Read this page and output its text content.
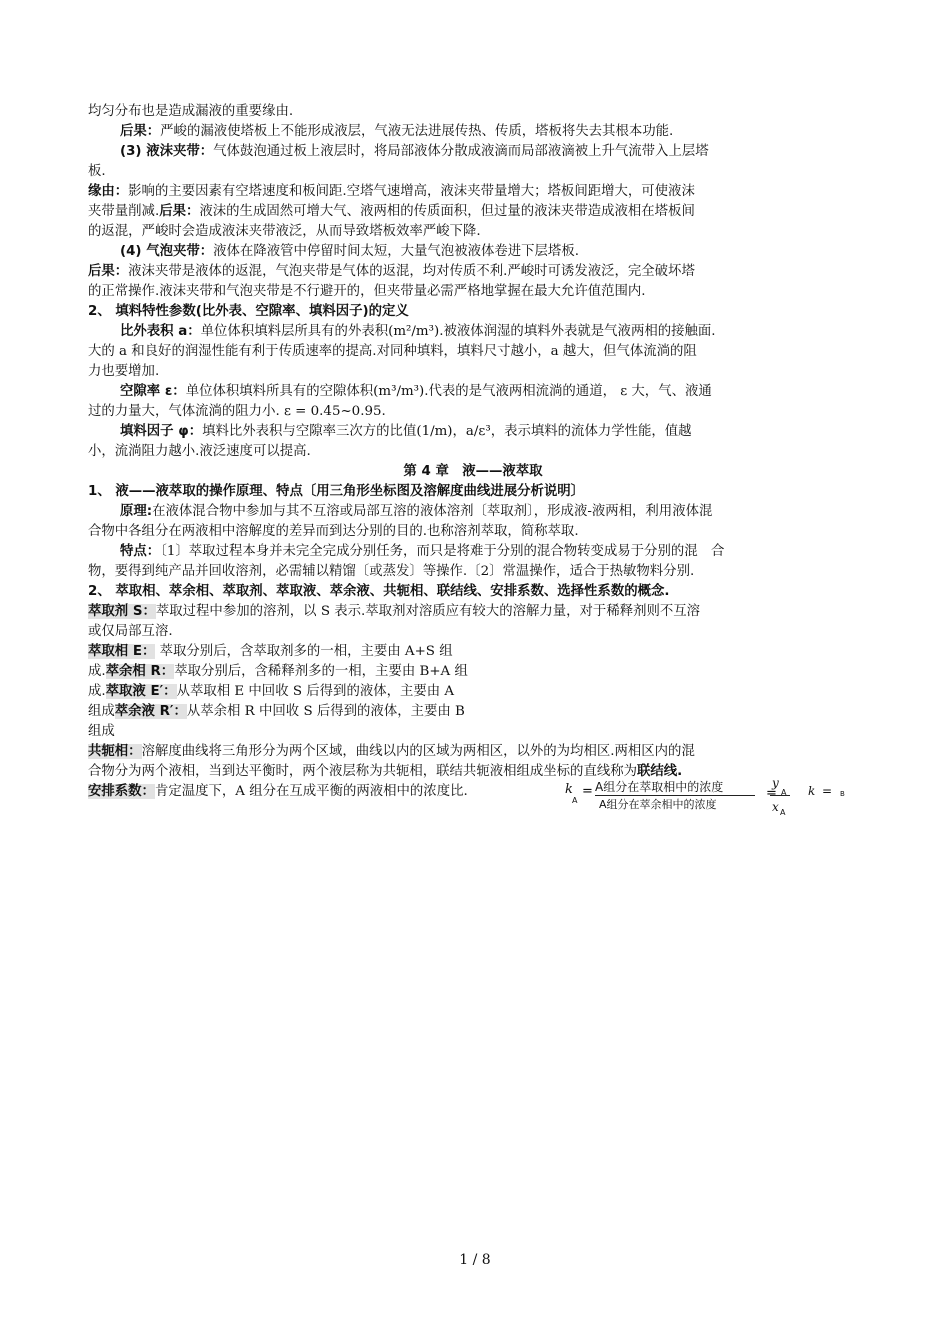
均匀分布也是造成漏液的重要缘由.
后果：严峻的漏液使塔板上不能形成液层，气液无法进展传热、传质，塔板将失去其根本功能.
(3) 液沫夹带：气体鼓泡通过板上液层时，将局部液体分散成液滴而局部液滴被上升气流带入上层塔
板.
缘由：影响的主要因素有空塔速度和板间距.空塔气速增高，液沫夹带量增大；塔板间距增大，可使液沫
夹带量削减.后果：液沫的生成固然可增大气、液两相的传质面积，但过量的液沫夹带造成液相在塔板间
的返混，严峻时会造成液沫夹带液泛，从而导致塔板效率严峻下降.
(4) 气泡夹带：液体在降液管中停留时间太短，大量气泡被液体卷进下层塔板.
后果：液沫夹带是液体的返混，气泡夹带是气体的返混，均对传质不利.严峻时可诱发液泛，完全破坏塔
的正常操作.液沫夹带和气泡夹带是不行避开的，但夹带量必需严格地掌握在最大允许值范围内.
2、 填料特性参数(比外表、空隙率、填料因子)的定义
比外表积 a：单位体积填料层所具有的外表积(m²/m³).被液体润湿的填料外表就是气液两相的接触面.
大的 a 和良好的润湿性能有利于传质速率的提高.对同种填料，填料尺寸越小，a 越大，但气体流淌的阻
力也要增加.
空隙率 ε：单位体积填料所具有的空隙体积(m³/m³).代表的是气液两相流淌的通道， ε 大，气、液通
过的力量大，气体流淌的阻力小. ε = 0.45~0.95.
填料因子 φ：填料比外表积与空隙率三次方的比值(1/m)，a/ε³，表示填料的流体力学性能，值越
小，流淌阻力越小.液泛速度可以提高.
第 4 章　液——液萃取
1、 液——液萃取的操作原理、特点〔用三角形坐标图及溶解度曲线进展分析说明〕
原理:在液体混合物中参加与其不互溶或局部互溶的液体溶剂〔萃取剂〕，形成液-液两相，利用液体混
合物中各组分在两液相中溶解度的差异而到达分别的目的.也称溶剂萃取，简称萃取.
特点：〔1〕萃取过程本身并未完全完成分别任务，而只是将难于分别的混合物转变成易于分别的混　合
物，要得到纯产品并回收溶剂，必需辅以精馏〔或蒸发〕等操作.〔2〕常温操作，适合于热敏物料分别.
2、 萃取相、萃余相、萃取剂、萃取液、萃余液、共轭相、联结线、安排系数、选择性系数的概念.
萃取剂 S：萃取过程中参加的溶剂，以 S 表示.萃取剂对溶质应有较大的溶解力量，对于稀释剂则不互溶
或仅局部互溶.
萃取相 E： 萃取分别后，含萃取剂多的一相，主要由 A+S 组
成.萃余相 R：萃取分别后，含稀释剂多的一相，主要由 B+A 组
成.萃取液 E′：从萃取相 E 中回收 S 后得到的液体，主要由 A
组成萃余液 R′：从萃余相 R 中回收 S 后得到的液体，主要由 B
组成
共轭相：溶解度曲线将三角形分为两个区域，曲线以内的区域为两相区，以外的为均相区.两相区内的混
合物分为两个液相，当到达平衡时，两个液层称为共轭相，联结共轭液相组成坐标的直线称为联结线.
安排系数：肯定温度下，A 组分在互成平衡的两液相中的浓度比.	k
A
= A组分在萃取相中的浓度
A组分在萃余相中的浓度
=
y
A
x A
k = B
1 / 8
